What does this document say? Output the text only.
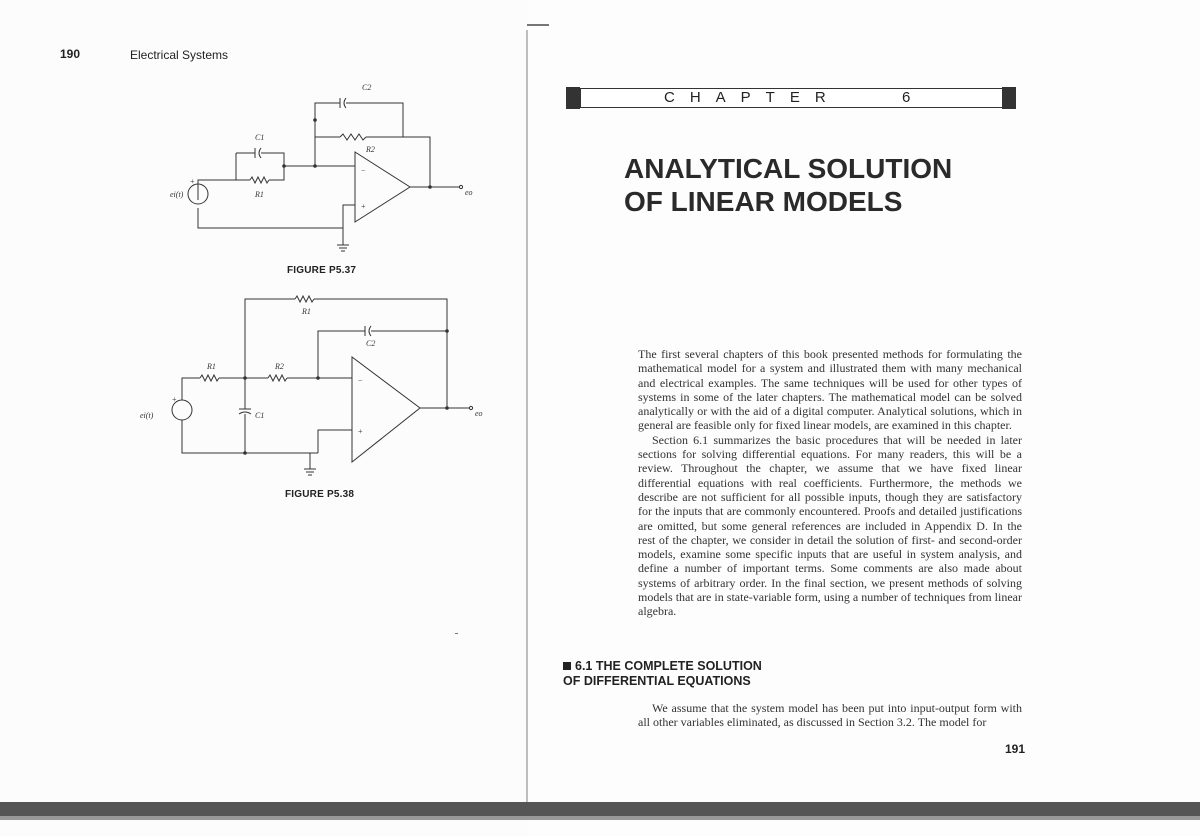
190	Electrical Systems
C2
R2
C1
R1
ei(t)	eo
+
−
+
FIGURE P5.37
R1
C2
R1	R2
C1
ei(t)	eo
+
−
+
FIGURE P5.38
CHAPTER	6
ANALYTICAL SOLUTION
OF LINEAR MODELS

The first several chapters of this book presented methods for formulating the mathematical model for a system and illustrated them with many mechanical and electrical examples. The same techniques will be used for other types of systems in some of the later chapters. The mathematical model can be solved analytically or with the aid of a digital computer. Analytical solutions, which in general are feasible only for fixed linear models, are examined in this chapter.

Section 6.1 summarizes the basic procedures that will be needed in later sections for solving differential equations. For many readers, this will be a review. Throughout the chapter, we assume that we have fixed linear differential equations with real coefficients. Furthermore, the methods we describe are not sufficient for all possible inputs, though they are satisfactory for the inputs that are commonly encountered. Proofs and detailed justifications are omitted, but some general references are included in Appendix D. In the rest of the chapter, we consider in detail the solution of first- and second-order models, examine some specific inputs that are useful in system analysis, and define a number of important terms. Some comments are also made about systems of arbitrary order. In the final section, we present methods of solving models that are in state-variable form, using a number of techniques from linear algebra.

6.1 THE COMPLETE SOLUTION
OF DIFFERENTIAL EQUATIONS

We assume that the system model has been put into input-output form with all other variables eliminated, as discussed in Section 3.2. The model for

191
